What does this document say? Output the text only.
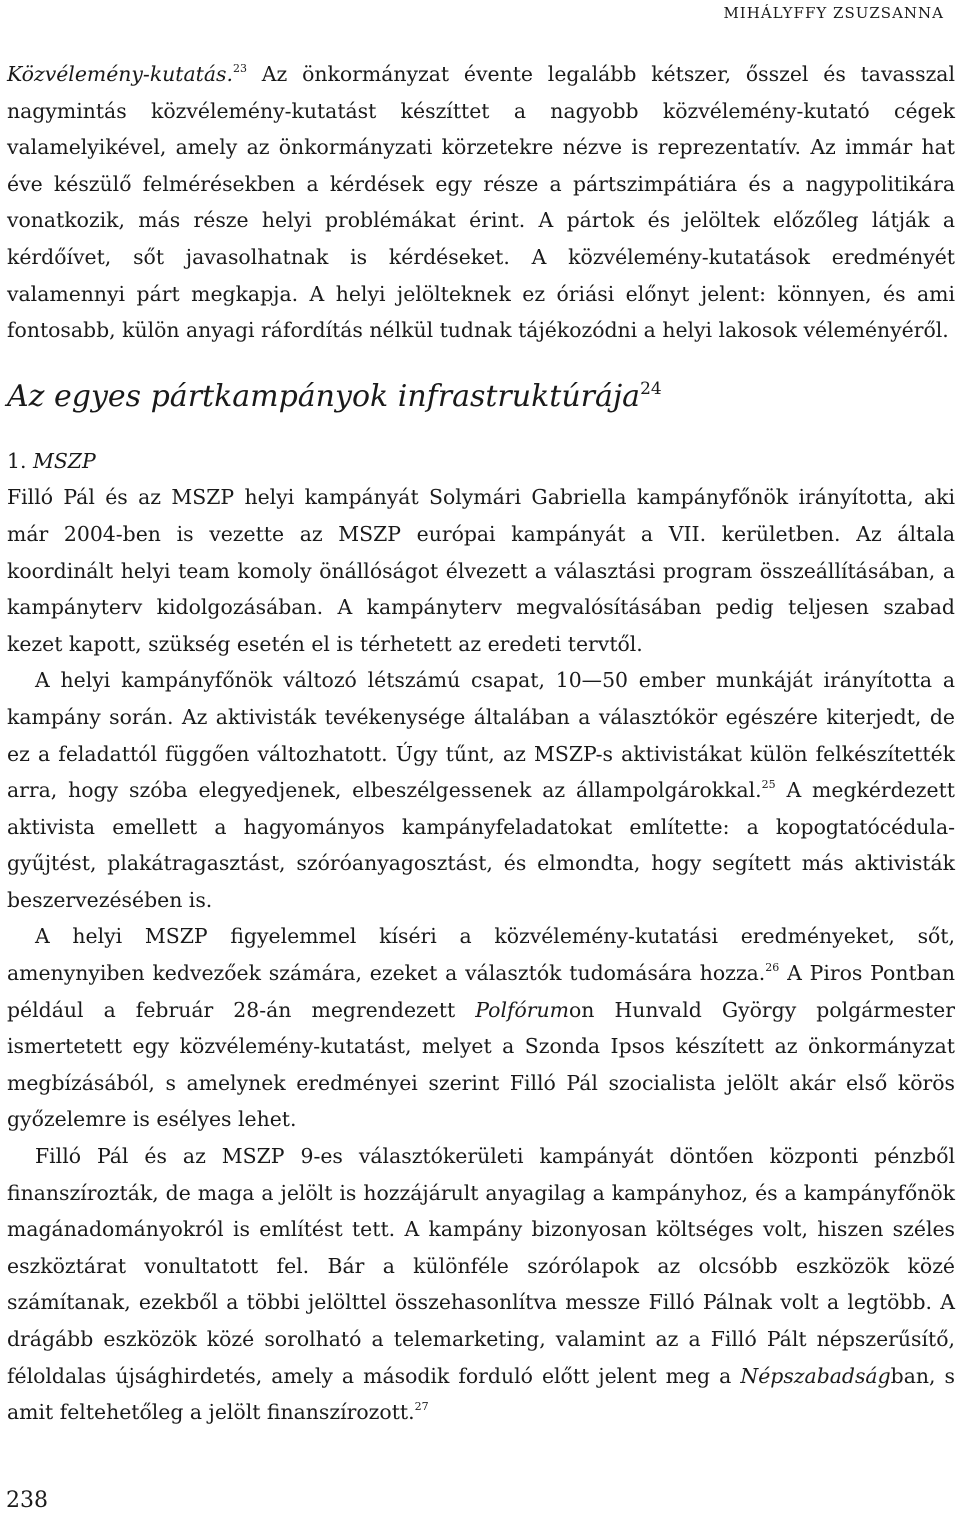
MIHÁLYFFY ZSUZSANNA

Közvélemény-kutatás.$^{23}$ Az önkormányzat évente legalább kétszer, ősszel és tavasszal nagymintás közvélemény-kutatást készíttet a nagyobb közvélemény-kutató cégek valamelyikével, amely az önkormányzati körzetekre nézve is reprezentatív. Az immár hat éve készülő felmérésekben a kérdések egy része a pártszimpátiára és a nagypolitikára vonatkozik, más része helyi problémákat érint. A pártok és jelöltek előzőleg látják a kérdőívet, sőt javasolhatnak is kérdéseket. A közvélemény-kutatások eredményét valamennyi párt megkapja. A helyi jelölteknek ez óriási előnyt jelent: könnyen, és ami fontosabb, külön anyagi ráfordítás nélkül tudnak tájékozódni a helyi lakosok véleményéről.

Az egyes pártkampányok infrastruktúrája$^{24}$

1. MSZP

Filló Pál és az MSZP helyi kampányát Solymári Gabriella kampányfőnök irányította, aki már 2004-ben is vezette az MSZP európai kampányát a VII. kerületben. Az általa koordinált helyi team komoly önállóságot élvezett a választási program összeállításában, a kampányterv kidolgozásában. A kampányterv megvalósításában pedig teljesen szabad kezet kapott, szükség esetén el is térhetett az eredeti tervtől.

A helyi kampányfőnök változó létszámú csapat, 10—50 ember munkáját irányította a kampány során. Az aktivisták tevékenysége általában a választókör egészére kiterjedt, de ez a feladattól függően változhatott. Úgy tűnt, az MSZP-s aktivistákat külön felkészítették arra, hogy szóba elegyedjenek, elbeszélgessenek az állampolgárokkal.$^{25}$ A megkérdezett aktivista emellett a hagyományos kampányfeladatokat említette: a kopogtatócédula-gyűjtést, plakátragasztást, szóróanyagosztást, és elmondta, hogy segített más aktivisták beszervezésében is.

A helyi MSZP figyelemmel kíséri a közvélemény-kutatási eredményeket, sőt, amenynyiben kedvezőek számára, ezeket a választók tudomására hozza.$^{26}$ A Piros Pontban például a február 28-án megrendezett Polfórumon Hunvald György polgármester ismertetett egy közvélemény-kutatást, melyet a Szonda Ipsos készített az önkormányzat megbízásából, s amelynek eredményei szerint Filló Pál szocialista jelölt akár első körös győzelemre is esélyes lehet.

Filló Pál és az MSZP 9-es választókerületi kampányát döntően központi pénzből finanszírozták, de maga a jelölt is hozzájárult anyagilag a kampányhoz, és a kampányfőnök magánadományokról is említést tett. A kampány bizonyosan költséges volt, hiszen széles eszköztárat vonultatott fel. Bár a különféle szórólapok az olcsóbb eszközök közé számítanak, ezekből a többi jelölttel összehasonlítva messze Filló Pálnak volt a legtöbb. A drágább eszközök közé sorolható a telemarketing, valamint az a Filló Pált népszerűsítő, féloldalas újsághirdetés, amely a második forduló előtt jelent meg a Népszabadságban, s amit feltehetőleg a jelölt finanszírozott.$^{27}$

238
